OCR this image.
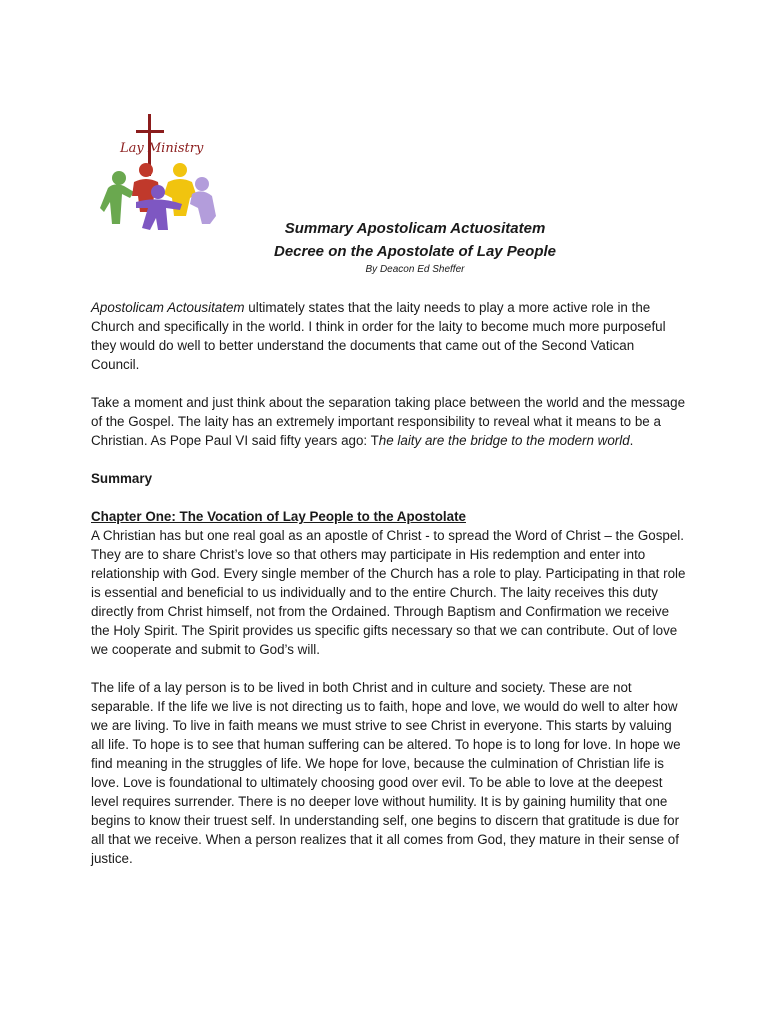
Lay Ministry
Summary Apostolicam Actuositatem
Decree on the Apostolate of Lay People
By Deacon Ed Sheffer

Apostolicam Actousitatem ultimately states that the laity needs to play a more active role in the Church and specifically in the world. I think in order for the laity to become much more purposeful they would do well to better understand the documents that came out of the Second Vatican Council.

Take a moment and just think about the separation taking place between the world and the message of the Gospel. The laity has an extremely important responsibility to reveal what it means to be a Christian. As Pope Paul VI said fifty years ago: The laity are the bridge to the modern world.

Summary
Chapter One: The Vocation of Lay People to the Apostolate

A Christian has but one real goal as an apostle of Christ - to spread the Word of Christ – the Gospel. They are to share Christ’s love so that others may participate in His redemption and enter into relationship with God. Every single member of the Church has a role to play. Participating in that role is essential and beneficial to us individually and to the entire Church. The laity receives this duty directly from Christ himself, not from the Ordained. Through Baptism and Confirmation we receive the Holy Spirit. The Spirit provides us specific gifts necessary so that we can contribute. Out of love we cooperate and submit to God’s will.

The life of a lay person is to be lived in both Christ and in culture and society. These are not separable. If the life we live is not directing us to faith, hope and love, we would do well to alter how we are living. To live in faith means we must strive to see Christ in everyone. This starts by valuing all life. To hope is to see that human suffering can be altered. To hope is to long for love. In hope we find meaning in the struggles of life. We hope for love, because the culmination of Christian life is love. Love is foundational to ultimately choosing good over evil. To be able to love at the deepest level requires surrender. There is no deeper love without humility. It is by gaining humility that one begins to know their truest self. In understanding self, one begins to discern that gratitude is due for all that we receive. When a person realizes that it all comes from God, they mature in their sense of justice.
